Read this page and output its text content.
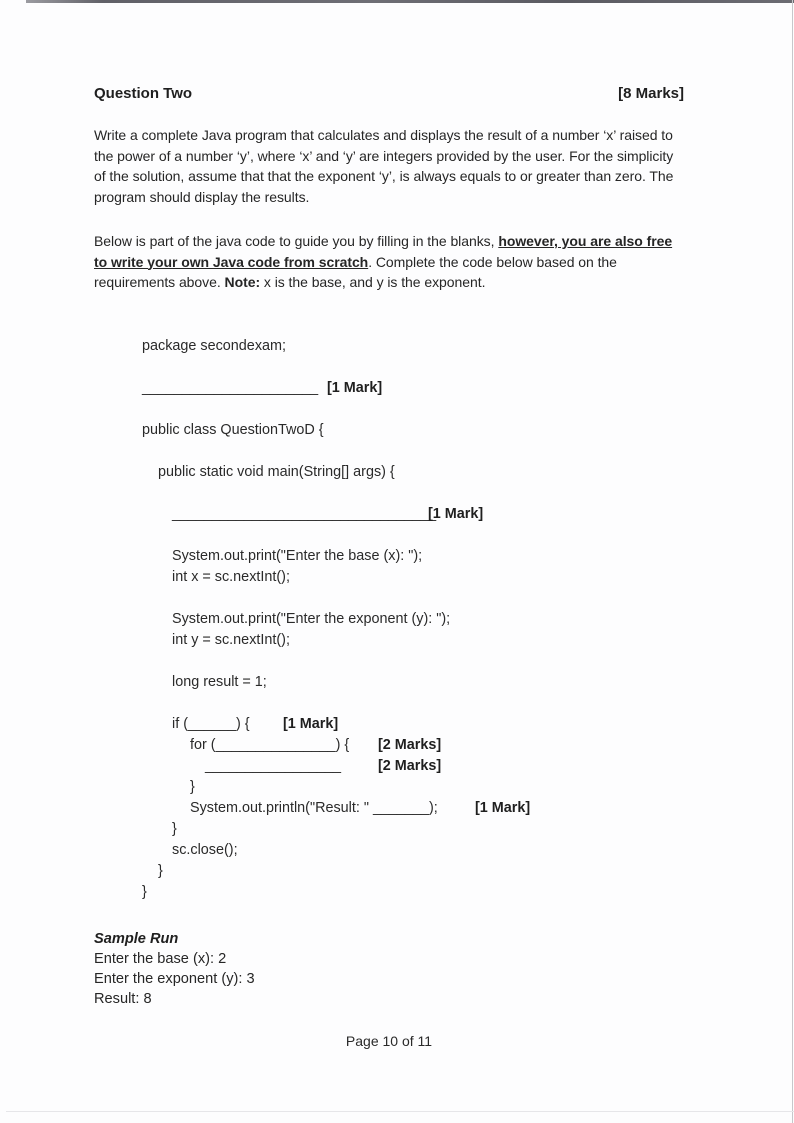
Question Two	[8 Marks]

Write a complete Java program that calculates and displays the result of a number ‘x’ raised to the power of a number ‘y’, where ‘x’ and ‘y’ are integers provided by the user. For the simplicity of the solution, assume that that the exponent ‘y’, is always equals to or greater than zero. The program should display the results.

Below is part of the java code to guide you by filling in the blanks, however, you are also free to write your own Java code from scratch. Complete the code below based on the requirements above. Note: x is the base, and y is the exponent.

package secondexam;
______________________ [1 Mark]
public class QuestionTwoD {
public static void main(String[] args) {
_________________________________
[1 Mark]
System.out.print("Enter the base (x): ");
int x = sc.nextInt();
System.out.print("Enter the exponent (y): ");
int y = sc.nextInt();
long result = 1;
if (______) {	[1 Mark]
for (_______________) {	[2 Marks]
_________________	[2 Marks]
}
System.out.println("Result: " _______);	[1 Mark]
}
sc.close();
}
}
Sample Run
Enter the base (x): 2
Enter the exponent (y): 3
Result: 8
Page 10 of 11
